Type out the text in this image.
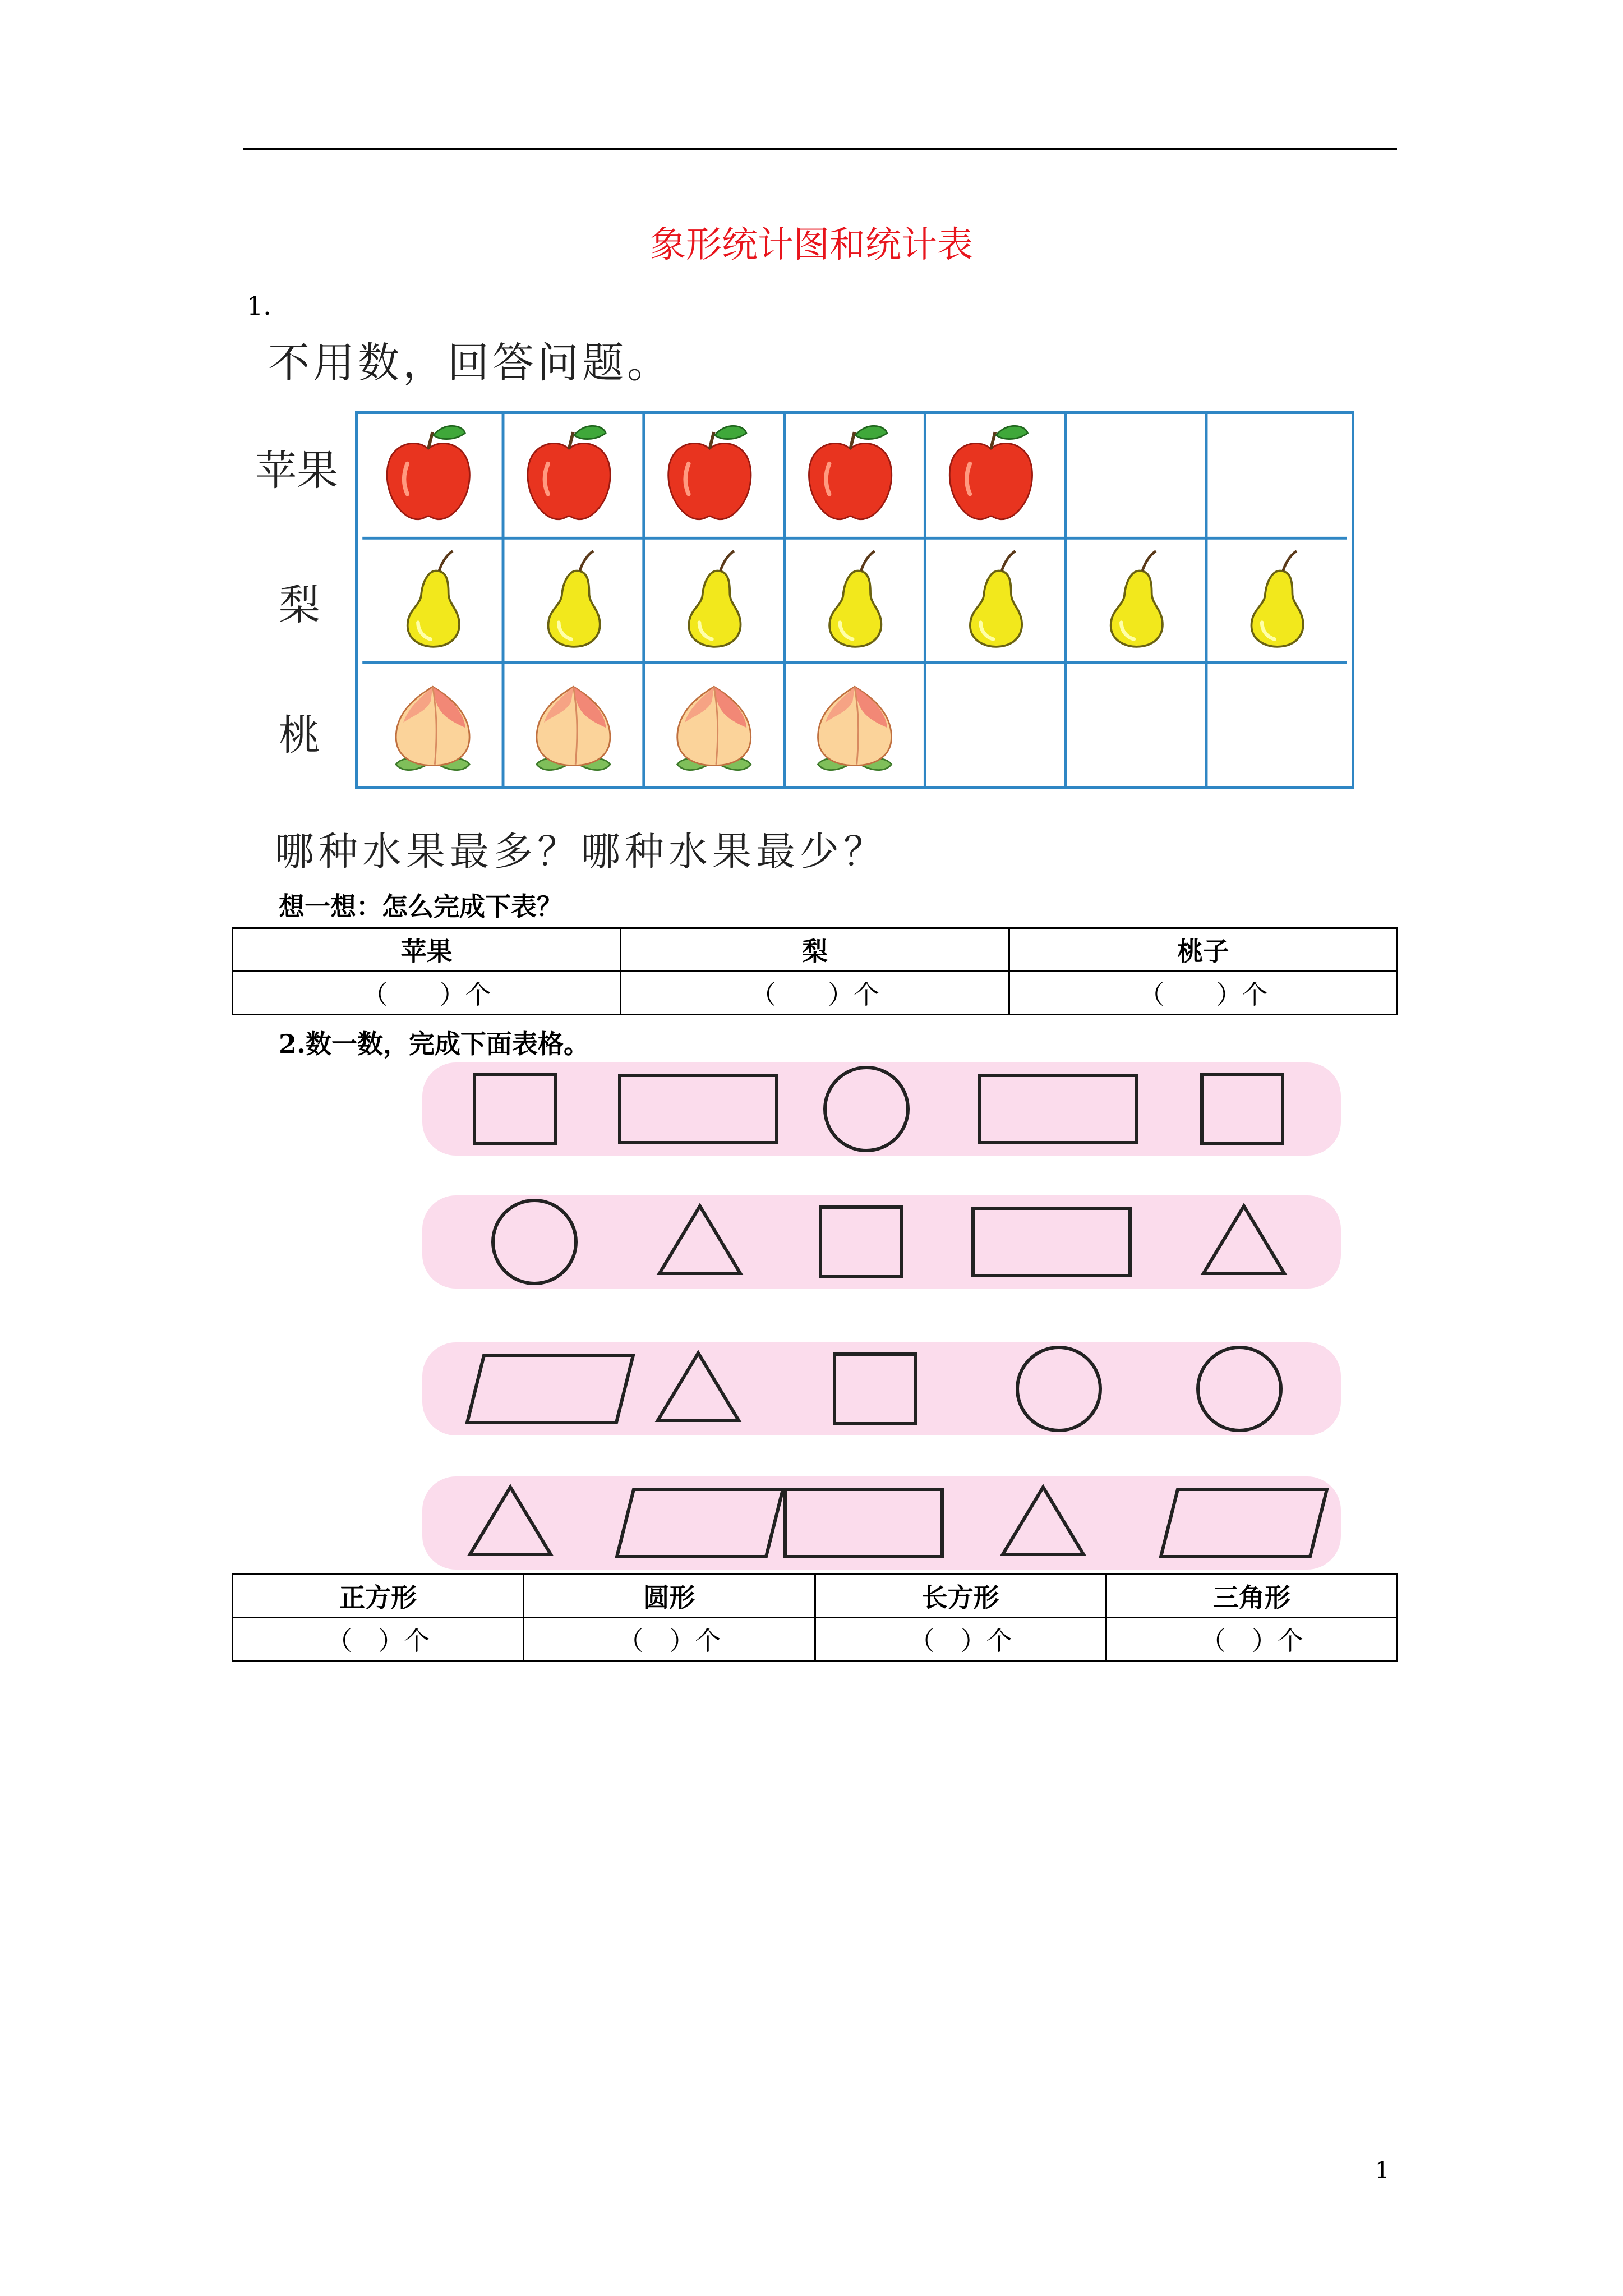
象形统计图和统计表
1.
不用数，回答问题。
苹果
梨
桃
哪种水果最多？哪种水果最少？
想一想：怎么完成下表？
苹果	梨	桃子
（　　）个	（　　）个	（　　）个
2.数一数，完成下面表格。
正方形	圆形	长方形	三角形
（　）个	（　）个	（　）个	（　）个
1
